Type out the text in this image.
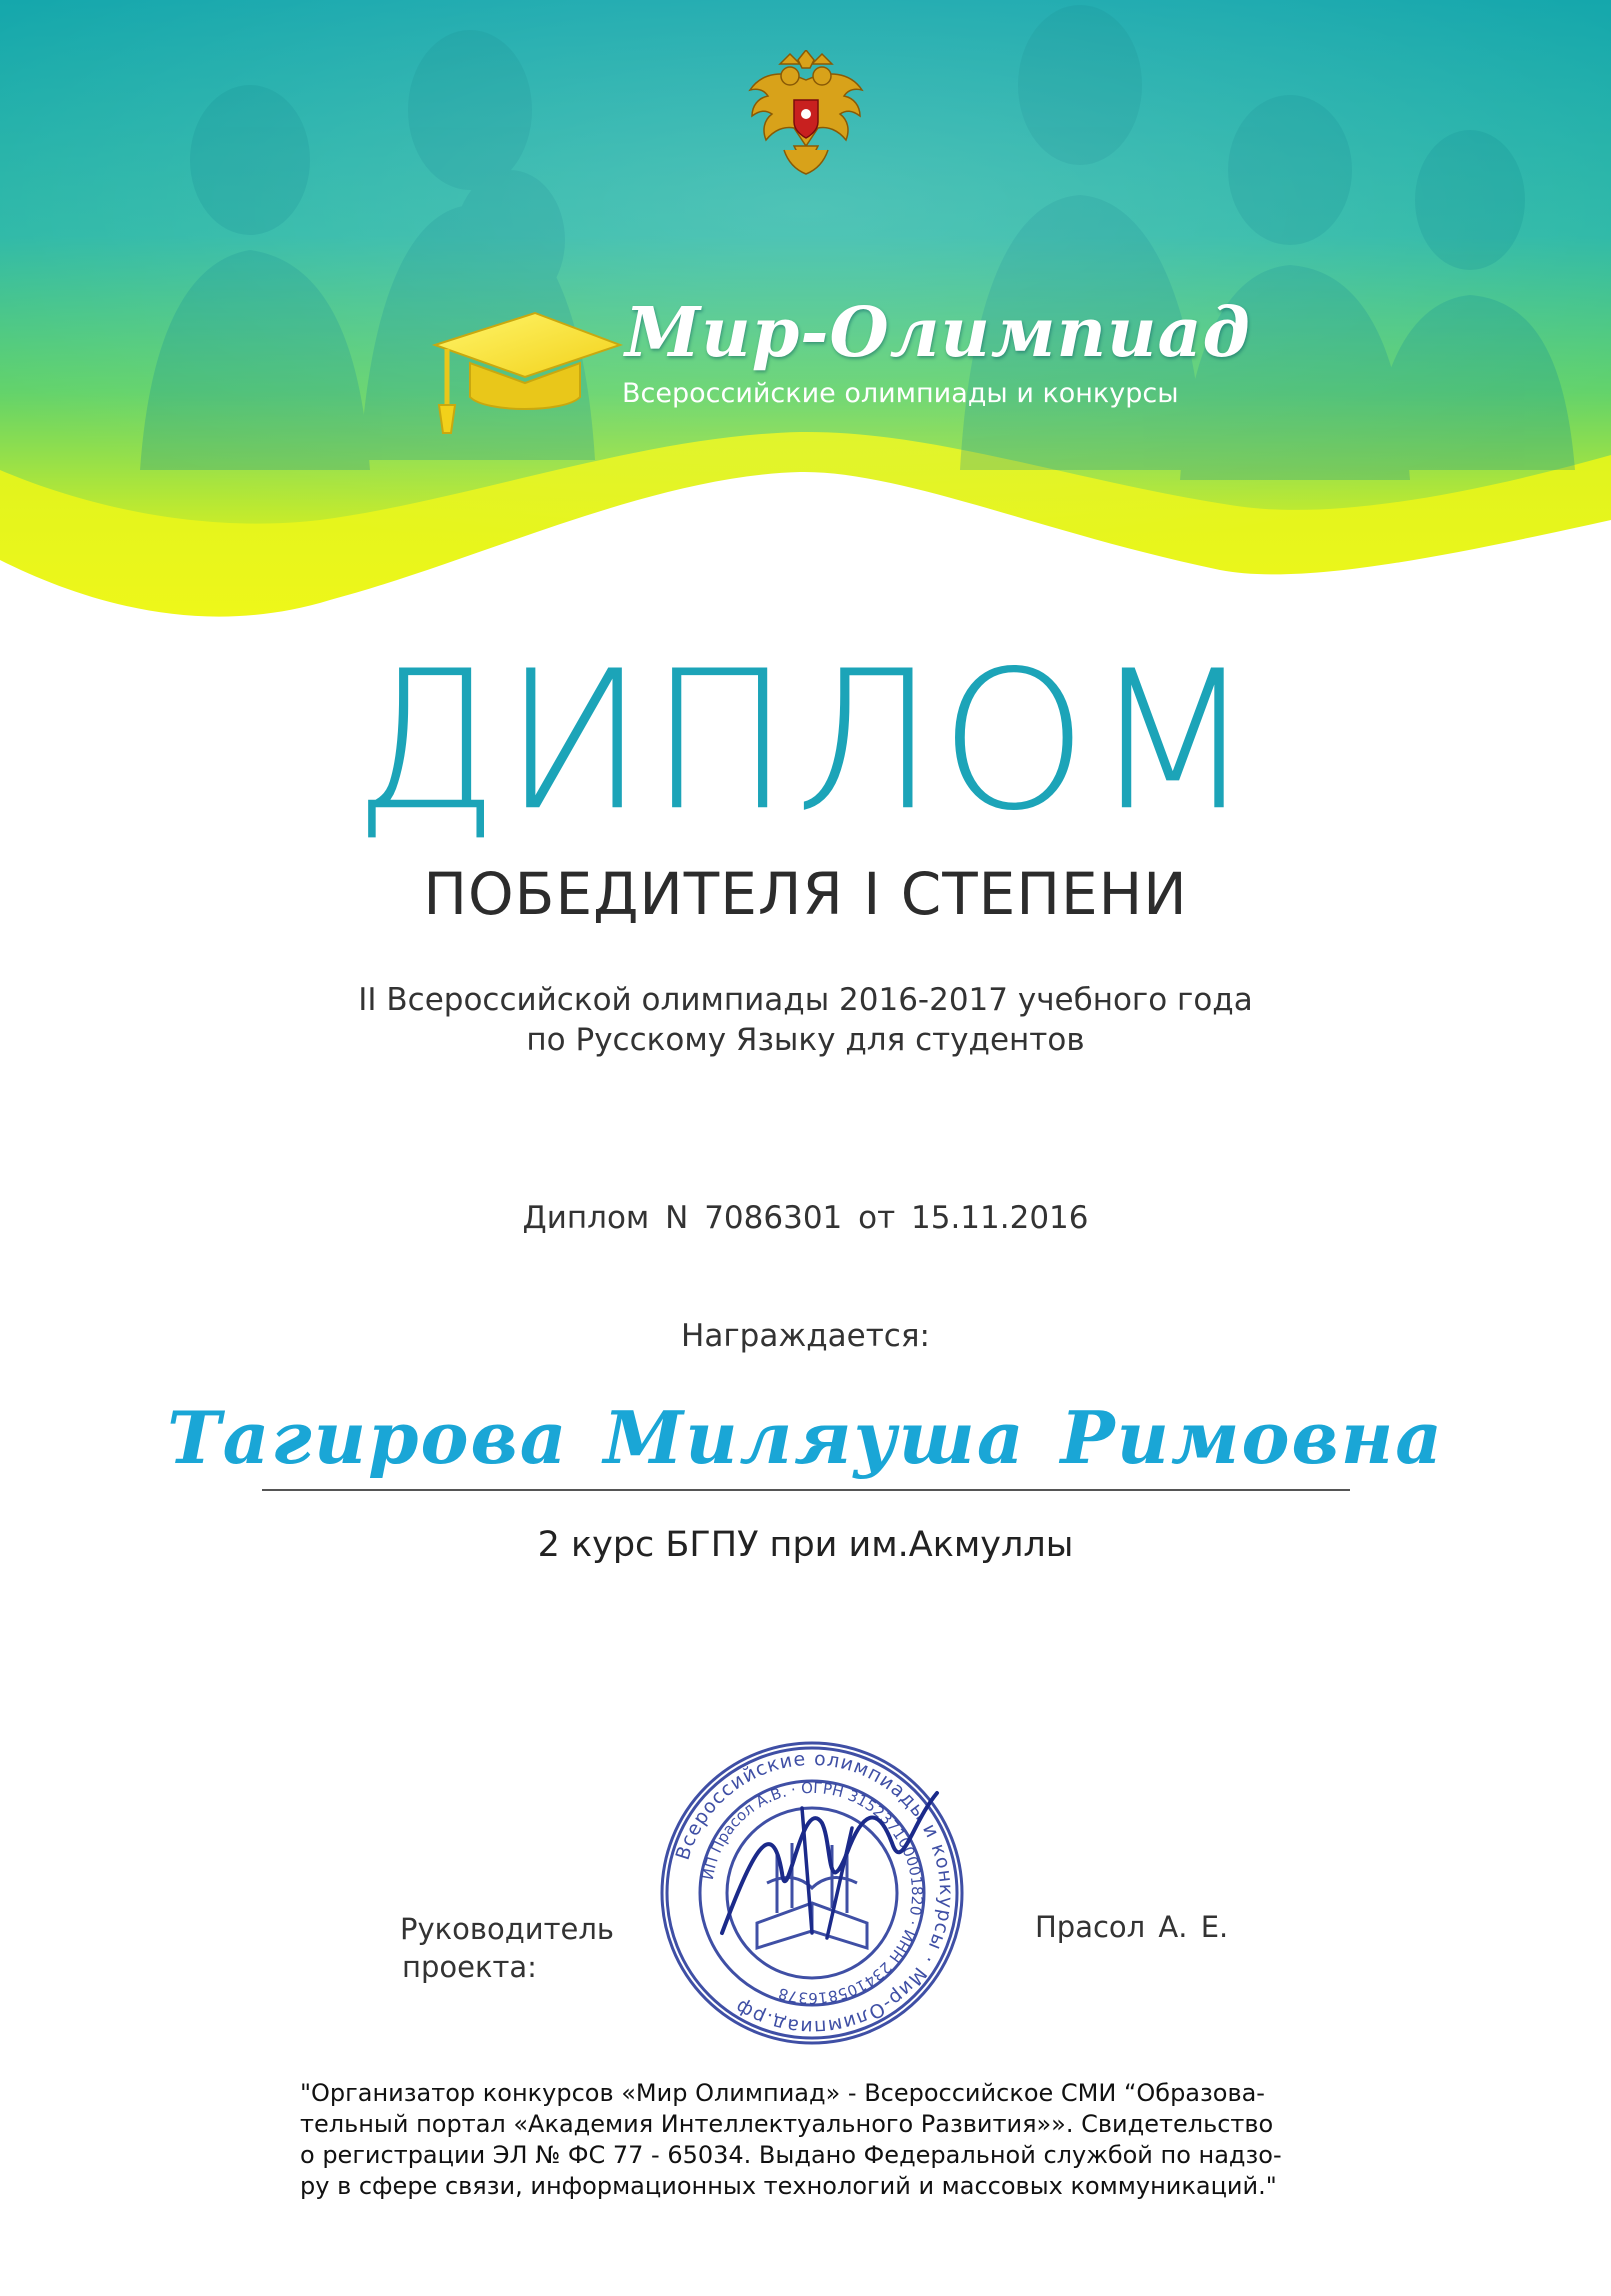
Мир-Олимпиад
Всероссийские олимпиады и конкурсы
ДИПЛОМ
ПОБЕДИТЕЛЯ I СТЕПЕНИ
II Всероссийской олимпиады 2016-2017 учебного года
по Русскому Языку для студентов
Диплом N 7086301 от 15.11.2016
Награждается:
Тагирова Миляуша Римовна
2 курс БГПУ при им.Акмуллы
Руководитель
проекта:
Всероссийские олимпиады и конкурсы · Мир-Олимпиад.рф
ИП Прасол А.В. · ОГРН 315237100001820 · ИНН 234105816378
Прасол А. Е.
"Организатор конкурсов «Мир Олимпиад» - Всероссийское СМИ “Образова-
тельный портал «Академия Интеллектуального Развития»». Свидетельство
о регистрации ЭЛ № ФС 77 - 65034. Выдано Федеральной службой по надзо-
ру в сфере связи, информационных технологий и массовых коммуникаций."
